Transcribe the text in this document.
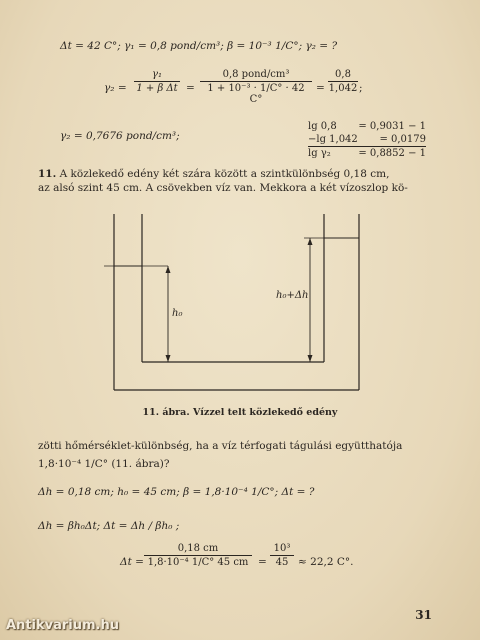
Δt = 42 C°; γ₁ = 0,8 pond/cm³; β = 10⁻³ 1/C°; γ₂ = ?
$\gamma_2 = \frac{\text{γ₁}}{\text{1 + β Δt}}$ =
0,8 pond/cm³
1 + 10⁻³ · 1/C° · 42 C°
= $\frac{0,8}{1,042}$ ;
γ₂ = 0,7676 pond/cm³;
lg 0,8 = 0,9031 − 1
−lg 1,042 = 0,0179
lg γ₂	= 0,8852 − 1
11. A közlekedő edény két szára között a szintkülönbség 0,18 cm,
az alsó szint 45 cm. A csövekben víz van. Mekkora a két vízoszlop kö-
h₀
h₀+Δh
11. ábra. Vízzel telt közlekedő edény
zötti hőmérséklet-különbség, ha a víz térfogati tágulási együtthatója
1,8·10⁻⁴ 1/C° (11. ábra)?
Δh = 0,18 cm; h₀ = 45 cm; β = 1,8·10⁻⁴ 1/C°; Δt = ?
Δh = βh₀Δt; Δt = Δh / βh₀ ;
$\Delta t = \frac{0,18 cm}{\text{1,8·10⁻⁴ 1/C° 45 cm}} = \frac{\text{10³}}{45} \approx 22,2$ C°.
31
Antikvarium.hu
